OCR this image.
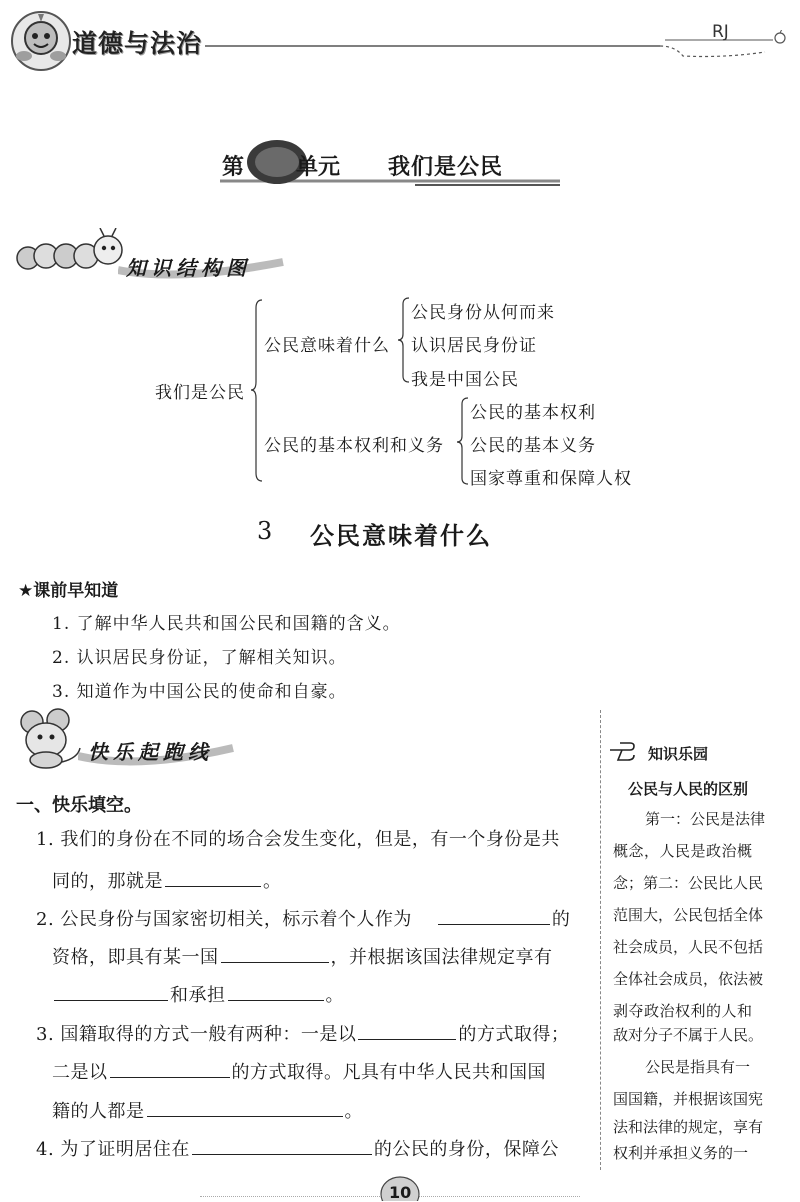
道德与法治	RJ
第 单元 我们是公民
知识结构图
我们是公民
公民意味着什么
公民身份从何而来
认识居民身份证
我是中国公民
公民的基本权利和义务
公民的基本权利
公民的基本义务
国家尊重和保障人权
3 公民意味着什么
★课前早知道
1. 了解中华人民共和国公民和国籍的含义。
2. 认识居民身份证，了解相关知识。
3. 知道作为中国公民的使命和自豪。
快乐起跑线
一、快乐填空。
1. 我们的身份在不同的场合会发生变化，但是，有一个身份是共
同的，那就是	。
2. 公民身份与国家密切相关，标示着个人作为	的
资格，即具有某一国	，并根据该国法律规定享有
和承担	。
3. 国籍取得的方式一般有两种：一是以	的方式取得；
二是以	的方式取得。凡具有中华人民共和国国
籍的人都是	。
4. 为了证明居住在	的公民的身份，保障公
知识乐园
公民与人民的区别
第一：公民是法律
概念，人民是政治概
念；第二：公民比人民
范围大，公民包括全体
社会成员，人民不包括
全体社会成员，依法被
剥夺政治权利的人和
敌对分子不属于人民。
公民是指具有一
国国籍，并根据该国宪
法和法律的规定，享有
权利并承担义务的一
10
